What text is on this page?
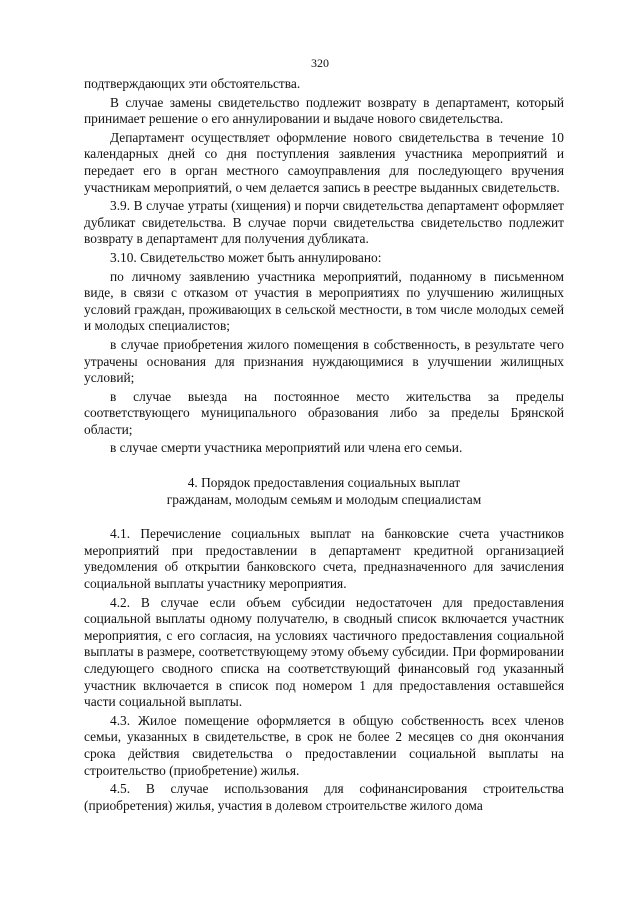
320

подтверждающих эти обстоятельства.

В случае замены свидетельство подлежит возврату в департамент, который принимает решение о его аннулировании и выдаче нового свидетельства.

Департамент осуществляет оформление нового свидетельства в течение 10 календарных дней со дня поступления заявления участника мероприятий и передает его в орган местного самоуправления для последующего вручения участникам мероприятий, о чем делается запись в реестре выданных свидетельств.

3.9. В случае утраты (хищения) и порчи свидетельства департамент оформляет дубликат свидетельства. В случае порчи свидетельства свидетельство подлежит возврату в департамент для получения дубликата.

3.10. Свидетельство может быть аннулировано:

по личному заявлению участника мероприятий, поданному в письменном виде, в связи с отказом от участия в мероприятиях по улучшению жилищных условий граждан, проживающих в сельской местности, в том числе молодых семей и молодых специалистов;

в случае приобретения жилого помещения в собственность, в результате чего утрачены основания для признания нуждающимися в улучшении жилищных условий;

в случае выезда на постоянное место жительства за пределы соответствующего муниципального образования либо за пределы Брянской области;

в случае смерти участника мероприятий или члена его семьи.

4. Порядок предоставления социальных выплат
гражданам, молодым семьям и молодым специалистам

4.1. Перечисление социальных выплат на банковские счета участников мероприятий при предоставлении в департамент кредитной организацией уведомления об открытии банковского счета, предназначенного для зачисления социальной выплаты участнику мероприятия.

4.2. В случае если объем субсидии недостаточен для предоставления социальной выплаты одному получателю, в сводный список включается участник мероприятия, с его согласия, на условиях частичного предоставления социальной выплаты в размере, соответствующему этому объему субсидии. При формировании следующего сводного списка на соответствующий финансовый год указанный участник включается в список под номером 1 для предоставления оставшейся части социальной выплаты.

4.3. Жилое помещение оформляется в общую собственность всех членов семьи, указанных в свидетельстве, в срок не более 2 месяцев со дня окончания срока действия свидетельства о предоставлении социальной выплаты на строительство (приобретение) жилья.

4.5. В случае использования для софинансирования строительства (приобретения) жилья, участия в долевом строительстве жилого дома
